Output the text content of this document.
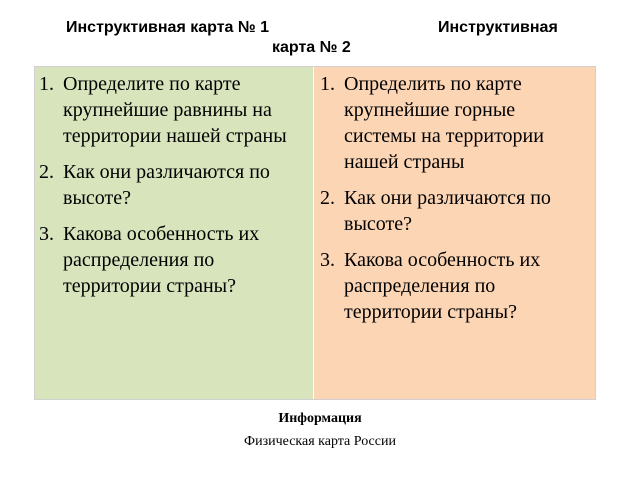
Инструктивная карта № 1	Инструктивная
карта № 2
1. Определите по карте крупнейшие равнины на территории нашей страны
2. Как они различаются по высоте?
3. Какова особенность их распределения по территории страны?
1. Определить по карте крупнейшие горные системы на территории нашей страны
2. Как они различаются по высоте?
3. Какова особенность их распределения по территории страны?
Информация
Физическая карта России
